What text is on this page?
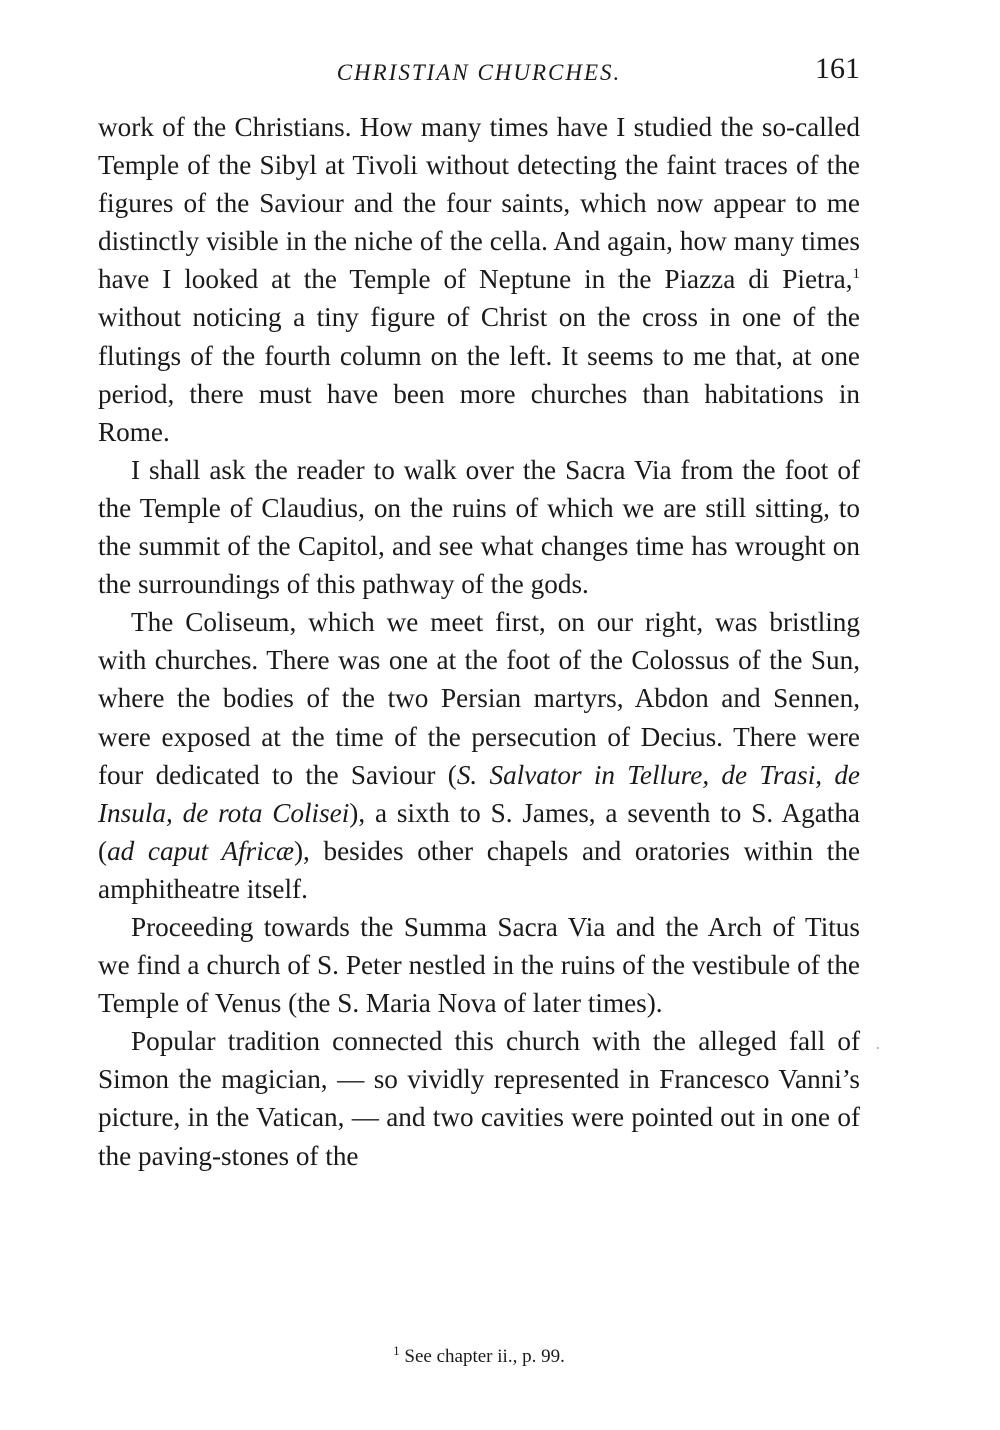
CHRISTIAN CHURCHES.	161

work of the Christians. How many times have I studied the so-called Temple of the Sibyl at Tivoli without detecting the faint traces of the figures of the Saviour and the four saints, which now appear to me distinctly visible in the niche of the cella. And again, how many times have I looked at the Temple of Neptune in the Piazza di Pietra,$^1$ without noticing a tiny figure of Christ on the cross in one of the flutings of the fourth column on the left. It seems to me that, at one period, there must have been more churches than habitations in Rome.

I shall ask the reader to walk over the Sacra Via from the foot of the Temple of Claudius, on the ruins of which we are still sitting, to the summit of the Capitol, and see what changes time has wrought on the surroundings of this pathway of the gods.

The Coliseum, which we meet first, on our right, was bristling with churches. There was one at the foot of the Colossus of the Sun, where the bodies of the two Persian martyrs, Abdon and Sennen, were exposed at the time of the persecution of Decius. There were four dedicated to the Saviour (S. Salvator in Tellure, de Trasi, de Insula, de rota Colisei), a sixth to S. James, a seventh to S. Agatha (ad caput Africæ), besides other chapels and oratories within the amphitheatre itself.

Proceeding towards the Summa Sacra Via and the Arch of Titus we find a church of S. Peter nestled in the ruins of the vestibule of the Temple of Venus (the S. Maria Nova of later times).

Popular tradition connected this church with the alleged fall of Simon the magician, — so vividly represented in Francesco Vanni’s picture, in the Vatican, — and two cavities were pointed out in one of the paving-stones of the

$^1$ See chapter ii., p. 99.
